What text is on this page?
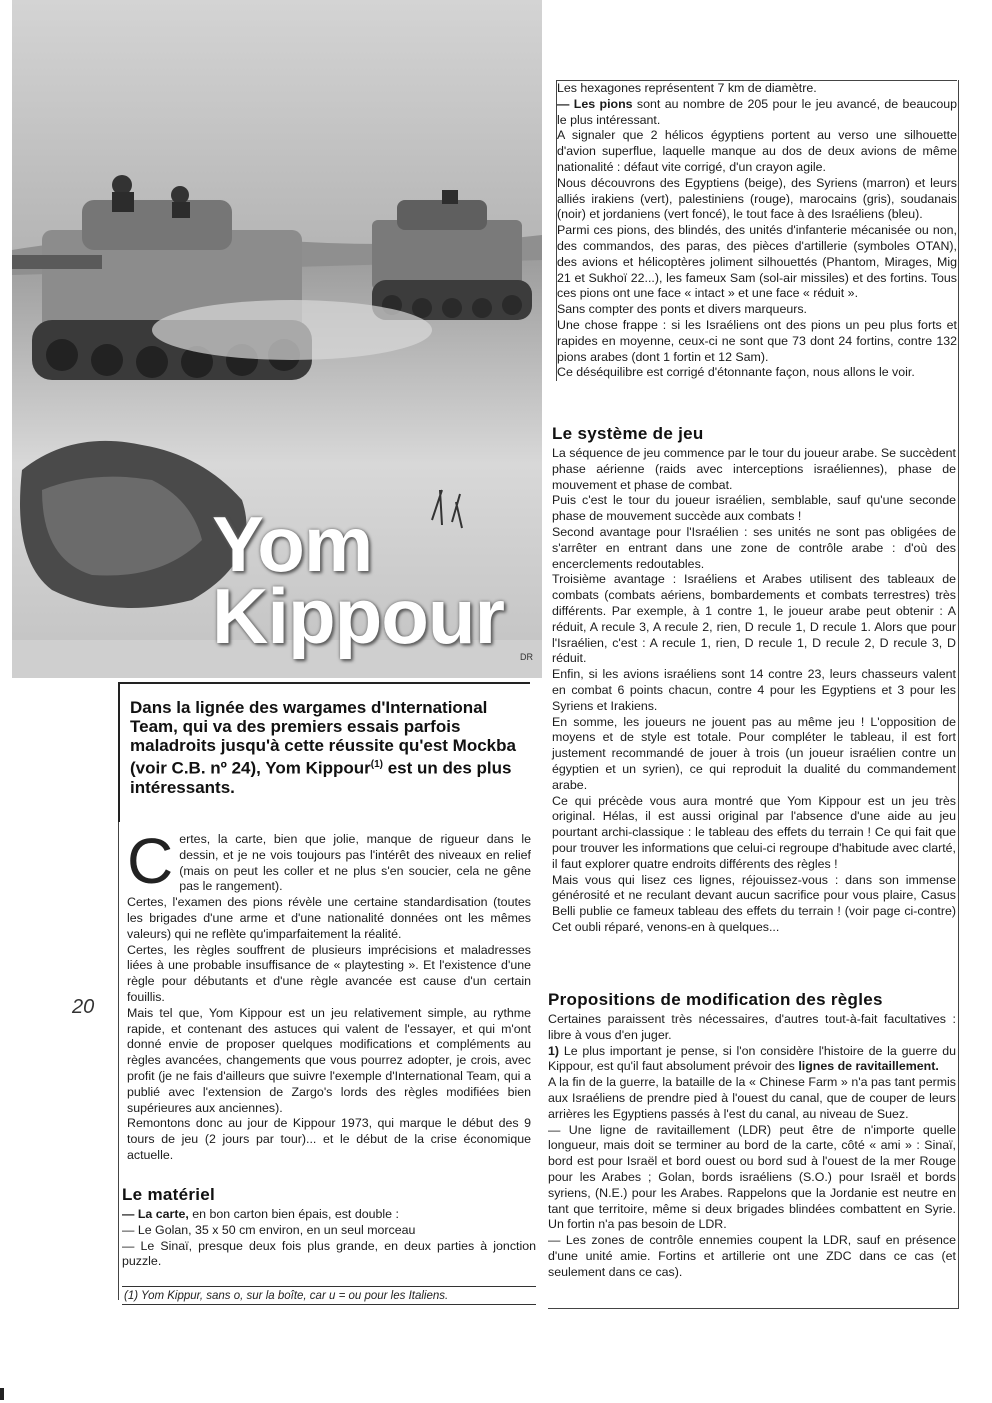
Yom
Kippour DR
20

Dans la lignée des wargames d'International Team, qui va des premiers essais parfois maladroits jusqu'à cette réussite qu'est Mockba (voir C.B. nº 24), Yom Kippour$^{(1)}$ est un des plus intéressants.

Certes, la carte, bien que jolie, manque de rigueur dans le dessin, et je ne vois toujours pas l'intérêt des niveaux en relief (mais on peut les coller et ne plus s'en soucier, cela ne gêne pas le rangement).

Certes, l'examen des pions révèle une certaine standardisation (toutes les brigades d'une arme et d'une nationalité données ont les mêmes valeurs) qui ne reflète qu'imparfaitement la réalité.

Certes, les règles souffrent de plusieurs imprécisions et maladresses liées à une probable insuffisance de « playtesting ». Et l'existence d'une règle pour débutants et d'une règle avancée est cause d'un certain fouillis.

Mais tel que, Yom Kippour est un jeu relativement simple, au rythme rapide, et contenant des astuces qui valent de l'essayer, et qui m'ont donné envie de proposer quelques modifications et compléments au règles avancées, changements que vous pourrez adopter, je crois, avec profit (je ne fais d'ailleurs que suivre l'exemple d'International Team, qui a publié avec l'extension de Zargo's lords des règles modifiées bien supérieures aux anciennes).

Remontons donc au jour de Kippour 1973, qui marque le début des 9 tours de jeu (2 jours par tour)... et le début de la crise économique actuelle.

Le matériel

— La carte, en bon carton bien épais, est double :

— Le Golan, 35 x 50 cm environ, en un seul morceau

— Le Sinaï, presque deux fois plus grande, en deux parties à jonction puzzle.

(1) Yom Kippur, sans o, sur la boîte, car u = ou pour les Italiens.

Les hexagones représentent 7 km de diamètre.

— Les pions sont au nombre de 205 pour le jeu avancé, de beaucoup le plus intéressant.

A signaler que 2 hélicos égyptiens portent au verso une silhouette d'avion superflue, laquelle manque au dos de deux avions de même nationalité : défaut vite corrigé, d'un crayon agile.

Nous découvrons des Egyptiens (beige), des Syriens (marron) et leurs alliés irakiens (vert), palestiniens (rouge), marocains (gris), soudanais (noir) et jordaniens (vert foncé), le tout face à des Israéliens (bleu).

Parmi ces pions, des blindés, des unités d'infanterie mécanisée ou non, des commandos, des paras, des pièces d'artillerie (symboles OTAN), des avions et hélicoptères joliment silhouettés (Phantom, Mirages, Mig 21 et Sukhoï 22...), les fameux Sam (sol-air missiles) et des fortins. Tous ces pions ont une face « intact » et une face « réduit ».

Sans compter des ponts et divers marqueurs.

Une chose frappe : si les Israéliens ont des pions un peu plus forts et rapides en moyenne, ceux-ci ne sont que 73 dont 24 fortins, contre 132 pions arabes (dont 1 fortin et 12 Sam).

Ce déséquilibre est corrigé d'étonnante façon, nous allons le voir.

Le système de jeu

La séquence de jeu commence par le tour du joueur arabe. Se succèdent phase aérienne (raids avec interceptions israéliennes), phase de mouvement et phase de combat.

Puis c'est le tour du joueur israélien, semblable, sauf qu'une seconde phase de mouvement succède aux combats !

Second avantage pour l'Israélien : ses unités ne sont pas obligées de s'arrêter en entrant dans une zone de contrôle arabe : d'où des encerclements redoutables.

Troisième avantage : Israéliens et Arabes utilisent des tableaux de combats (combats aériens, bombardements et combats terrestres) très différents. Par exemple, à 1 contre 1, le joueur arabe peut obtenir : A réduit, A recule 3, A recule 2, rien, D recule 1, D recule 1. Alors que pour l'Israélien, c'est : A recule 1, rien, D recule 1, D recule 2, D recule 3, D réduit.

Enfin, si les avions israéliens sont 14 contre 23, leurs chasseurs valent en combat 6 points chacun, contre 4 pour les Egyptiens et 3 pour les Syriens et Irakiens.

En somme, les joueurs ne jouent pas au même jeu ! L'opposition de moyens et de style est totale. Pour compléter le tableau, il est fort justement recommandé de jouer à trois (un joueur israélien contre un égyptien et un syrien), ce qui reproduit la dualité du commandement arabe.

Ce qui précède vous aura montré que Yom Kippour est un jeu très original. Hélas, il est aussi original par l'absence d'une aide au jeu pourtant archi-classique : le tableau des effets du terrain ! Ce qui fait que pour trouver les informations que celui-ci regroupe d'habitude avec clarté, il faut explorer quatre endroits différents des règles !

Mais vous qui lisez ces lignes, réjouissez-vous : dans son immense générosité et ne reculant devant aucun sacrifice pour vous plaire, Casus Belli publie ce fameux tableau des effets du terrain ! (voir page ci-contre) Cet oubli réparé, venons-en à quelques...

Propositions de modification des règles

Certaines paraissent très nécessaires, d'autres tout-à-fait facultatives : libre à vous d'en juger.

1) Le plus important je pense, si l'on considère l'histoire de la guerre du Kippour, est qu'il faut absolument prévoir des lignes de ravitaillement.

A la fin de la guerre, la bataille de la « Chinese Farm » n'a pas tant permis aux Israéliens de prendre pied à l'ouest du canal, que de couper de leurs arrières les Egyptiens passés à l'est du canal, au niveau de Suez.

— Une ligne de ravitaillement (LDR) peut être de n'importe quelle longueur, mais doit se terminer au bord de la carte, côté « ami » : Sinaï, bord est pour Israël et bord ouest ou bord sud à l'ouest de la mer Rouge pour les Arabes ; Golan, bords israéliens (S.O.) pour Israël et bords syriens, (N.E.) pour les Arabes. Rappelons que la Jordanie est neutre en tant que territoire, même si deux brigades blindées combattent en Syrie. Un fortin n'a pas besoin de LDR.

— Les zones de contrôle ennemies coupent la LDR, sauf en présence d'une unité amie. Fortins et artillerie ont une ZDC dans ce cas (et seulement dans ce cas).
